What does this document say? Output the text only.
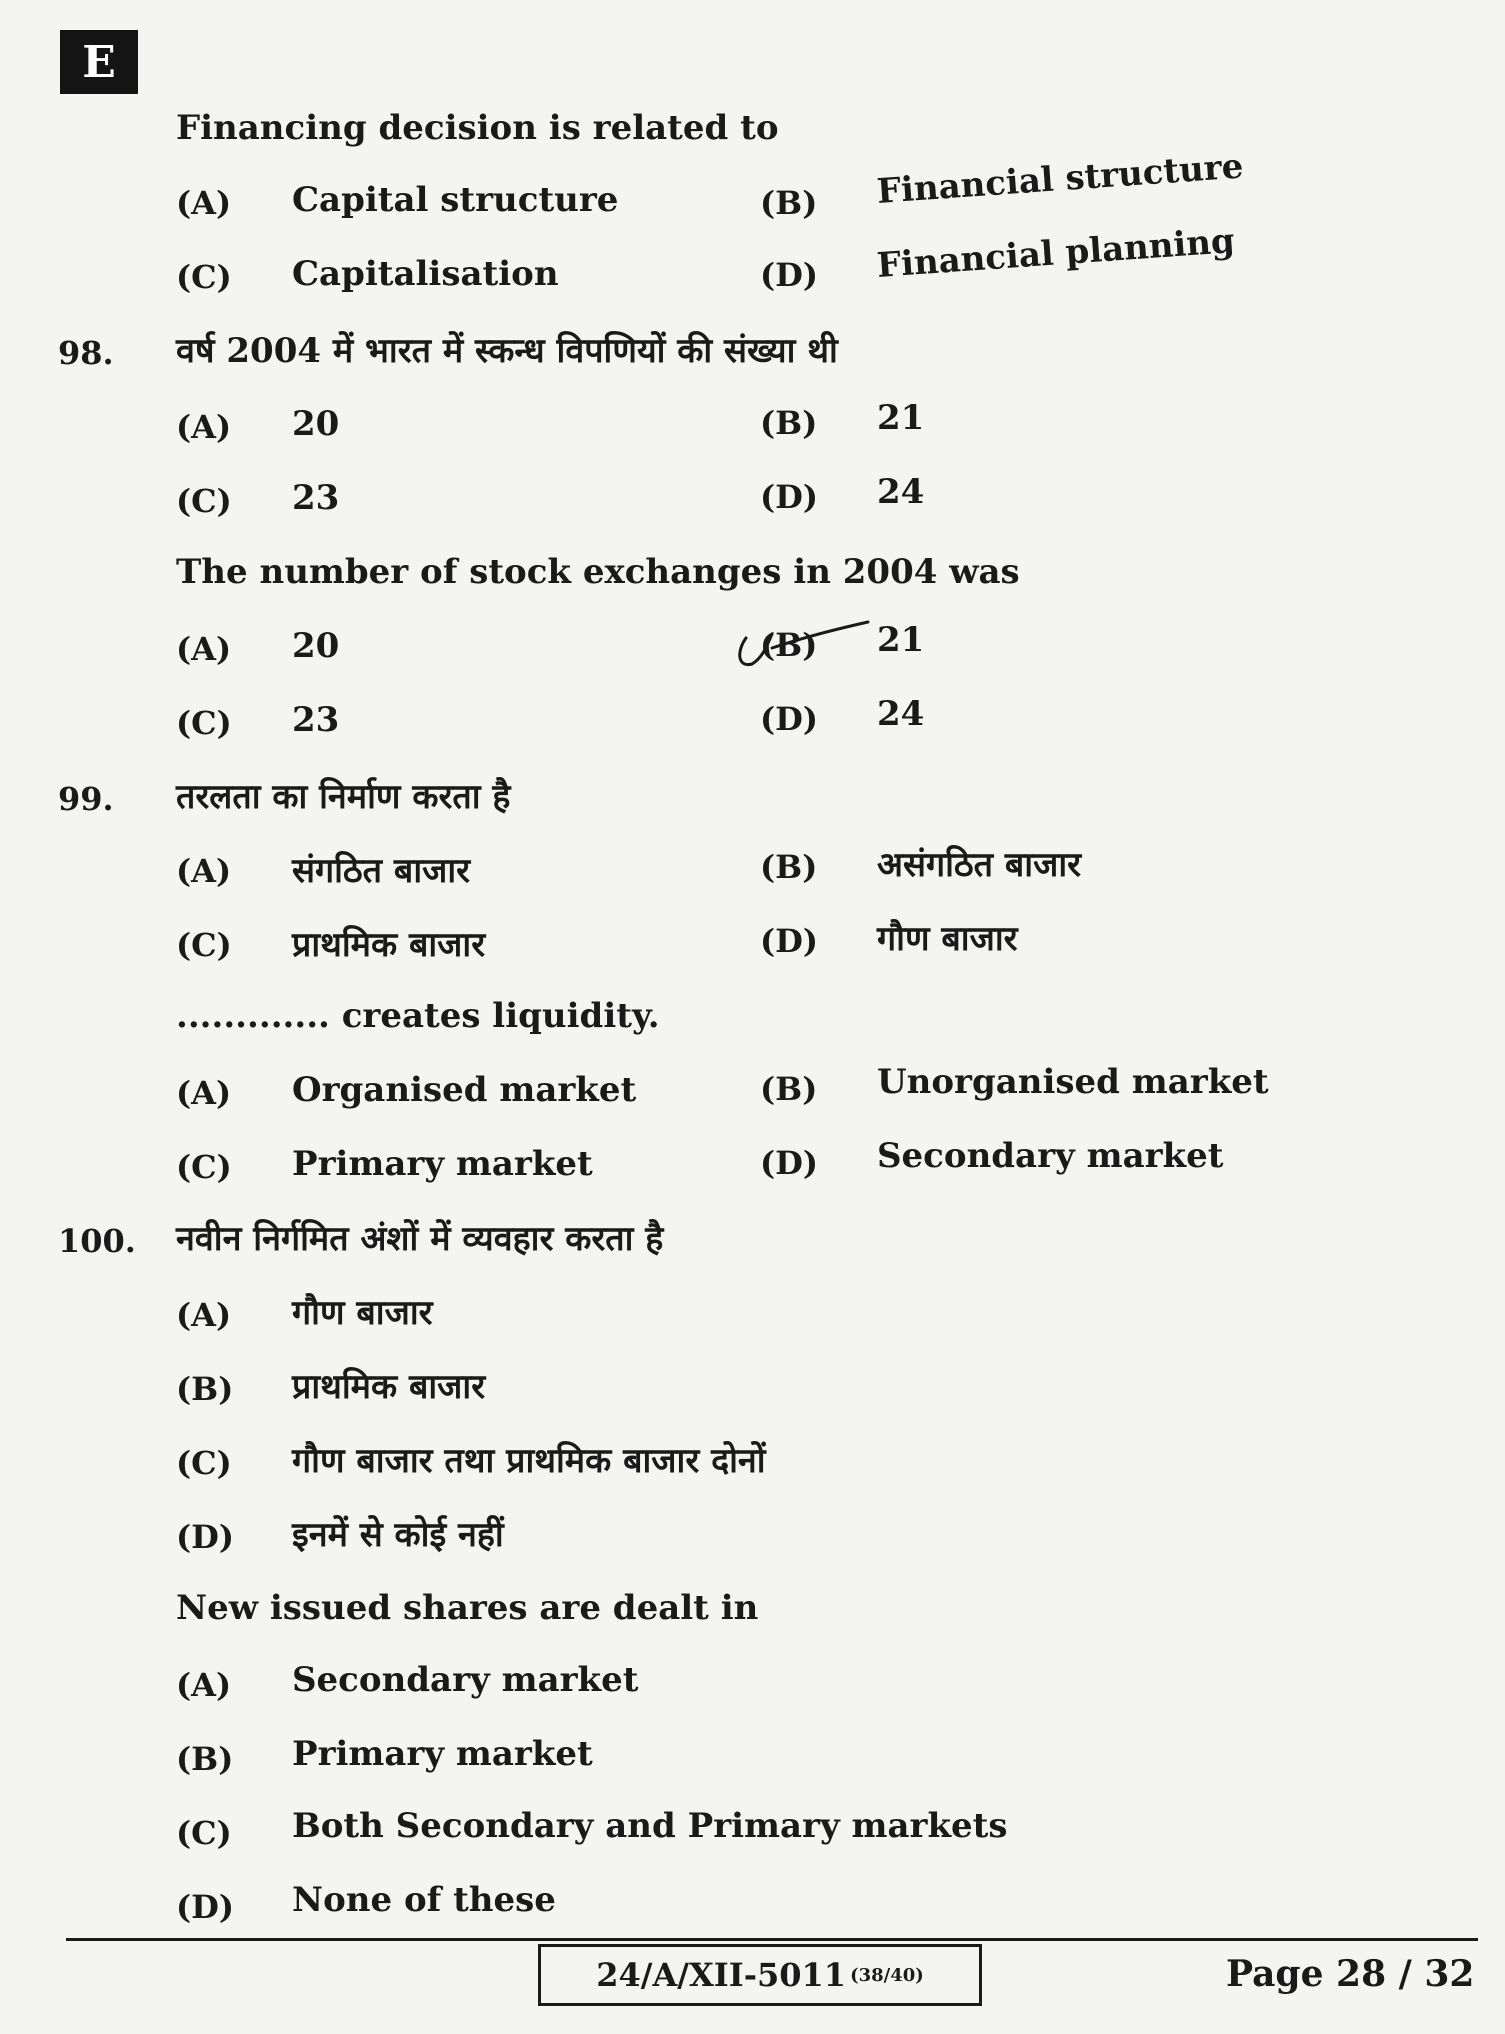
E
Financing decision is related to
(A) Capital structure	(B) Financial structure
(C) Capitalisation	(D) Financial planning
98. वर्ष 2004 में भारत में स्कन्ध विपणियों की संख्या थी
(A) 20	(B) 21
(C) 23	(D) 24
The number of stock exchanges in 2004 was
(A) 20	(B) 21
(C) 23	(D) 24
99. तरलता का निर्माण करता है
(A) संगठित बाजार	(B) असंगठित बाजार
(C) प्राथमिक बाजार	(D) गौण बाजार
............. creates liquidity.
(A) Organised market	(B) Unorganised market
(C) Primary market	(D) Secondary market
100. नवीन निर्गमित अंशों में व्यवहार करता है
(A) गौण बाजार
(B) प्राथमिक बाजार
(C) गौण बाजार तथा प्राथमिक बाजार दोनों
(D) इनमें से कोई नहीं
New issued shares are dealt in
(A) Secondary market
(B) Primary market
(C) Both Secondary and Primary markets
(D) None of these
24/A/XII-5011 (38/40)	Page 28 / 32
